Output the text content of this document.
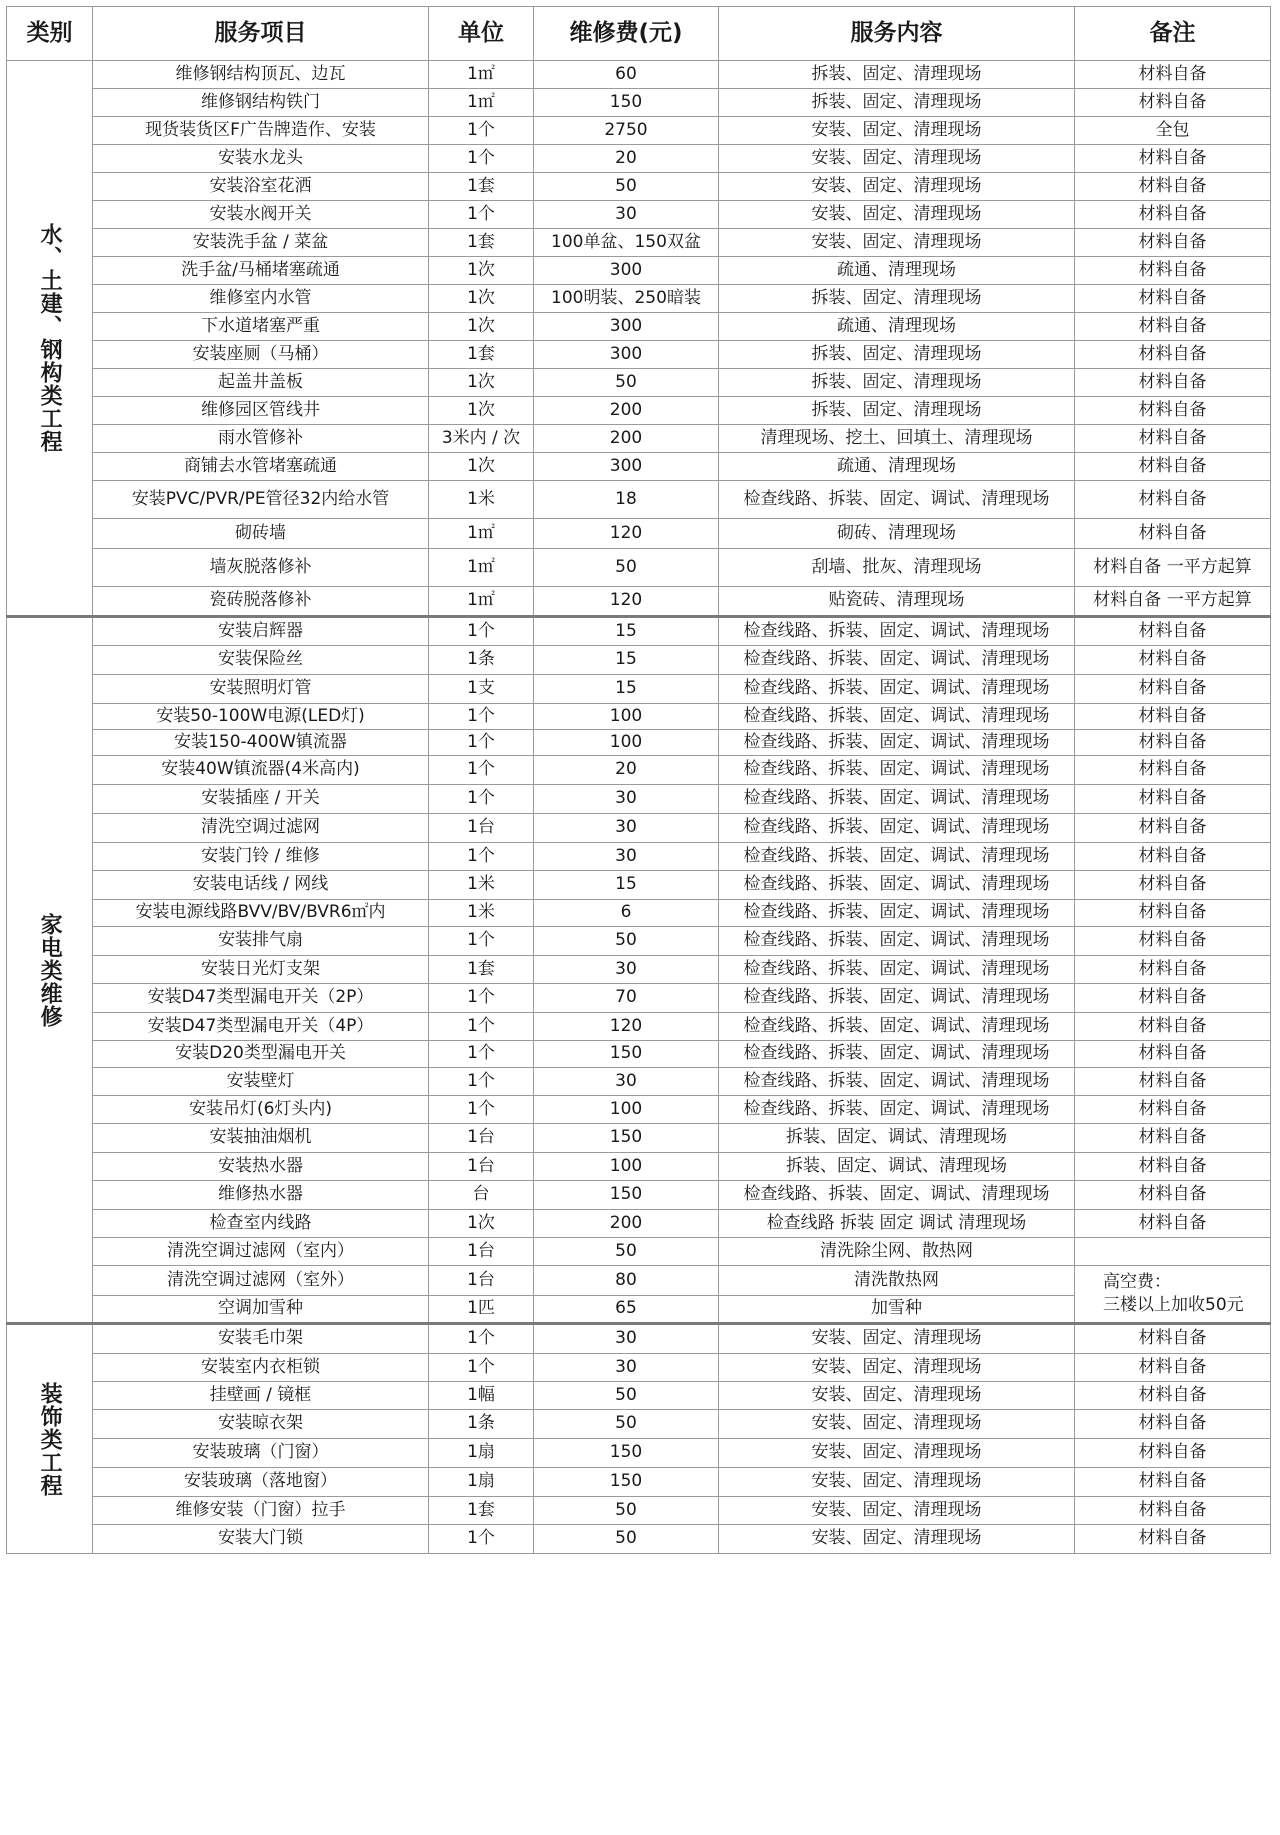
类别	服务项目	单位	维修费(元)	服务内容	备注

水、土建、钢构类工程	维修钢结构顶瓦、边瓦	1㎡	60	拆装、固定、清理现场	材料自备
	维修钢结构铁门	1㎡	150	拆装、固定、清理现场	材料自备
	现货装货区F广告牌造作、安装	1个	2750	安装、固定、清理现场	全包
	安装水龙头	1个	20	安装、固定、清理现场	材料自备
	安装浴室花洒	1套	50	安装、固定、清理现场	材料自备
	安装水阀开关	1个	30	安装、固定、清理现场	材料自备
	安装洗手盆 / 菜盆	1套	100单盆、150双盆	安装、固定、清理现场	材料自备
	洗手盆/马桶堵塞疏通	1次	300	疏通、清理现场	材料自备
	维修室内水管	1次	100明装、250暗装	拆装、固定、清理现场	材料自备
	下水道堵塞严重	1次	300	疏通、清理现场	材料自备
	安装座厕（马桶）	1套	300	拆装、固定、清理现场	材料自备
	起盖井盖板	1次	50	拆装、固定、清理现场	材料自备
	维修园区管线井	1次	200	拆装、固定、清理现场	材料自备
	雨水管修补	3米内 / 次	200	清理现场、挖土、回填土、清理现场	材料自备
	商铺去水管堵塞疏通	1次	300	疏通、清理现场	材料自备
	安装PVC/PVR/PE管径32内给水管	1米	18	检查线路、拆装、固定、调试、清理现场	材料自备
	砌砖墙	1㎡	120	砌砖、清理现场	材料自备
	墙灰脱落修补	1㎡	50	刮墙、批灰、清理现场	材料自备 一平方起算
	瓷砖脱落修补	1㎡	120	贴瓷砖、清理现场	材料自备 一平方起算

家电类维修	安装启辉器	1个	15	检查线路、拆装、固定、调试、清理现场	材料自备
	安装保险丝	1条	15	检查线路、拆装、固定、调试、清理现场	材料自备
	安装照明灯管	1支	15	检查线路、拆装、固定、调试、清理现场	材料自备
	安装50-100W电源(LED灯)	1个	100	检查线路、拆装、固定、调试、清理现场	材料自备
	安装150-400W镇流器	1个	100	检查线路、拆装、固定、调试、清理现场	材料自备
	安装40W镇流器(4米高内)	1个	20	检查线路、拆装、固定、调试、清理现场	材料自备
	安装插座 / 开关	1个	30	检查线路、拆装、固定、调试、清理现场	材料自备
	清洗空调过滤网	1台	30	检查线路、拆装、固定、调试、清理现场	材料自备
	安装门铃 / 维修	1个	30	检查线路、拆装、固定、调试、清理现场	材料自备
	安装电话线 / 网线	1米	15	检查线路、拆装、固定、调试、清理现场	材料自备
	安装电源线路BVV/BV/BVR6㎡内	1米	6	检查线路、拆装、固定、调试、清理现场	材料自备
	安装排气扇	1个	50	检查线路、拆装、固定、调试、清理现场	材料自备
	安装日光灯支架	1套	30	检查线路、拆装、固定、调试、清理现场	材料自备
	安装D47类型漏电开关（2P）	1个	70	检查线路、拆装、固定、调试、清理现场	材料自备
	安装D47类型漏电开关（4P）	1个	120	检查线路、拆装、固定、调试、清理现场	材料自备
	安装D20类型漏电开关	1个	150	检查线路、拆装、固定、调试、清理现场	材料自备
	安装壁灯	1个	30	检查线路、拆装、固定、调试、清理现场	材料自备
	安装吊灯(6灯头内)	1个	100	检查线路、拆装、固定、调试、清理现场	材料自备
	安装抽油烟机	1台	150	拆装、固定、调试、清理现场	材料自备
	安装热水器	1台	100	拆装、固定、调试、清理现场	材料自备
	维修热水器	台	150	检查线路、拆装、固定、调试、清理现场	材料自备
	检查室内线路	1次	200	检查线路 拆装 固定 调试 清理现场	材料自备
	清洗空调过滤网（室内）	1台	50	清洗除尘网、散热网	
	清洗空调过滤网（室外）	1台	80	清洗散热网	高空费：
三楼以上加收50元

	空调加雪种	1匹	65	加雪种	

装饰类工程	安装毛巾架	1个	30	安装、固定、清理现场	材料自备
	安装室内衣柜锁	1个	30	安装、固定、清理现场	材料自备
	挂壁画 / 镜框	1幅	50	安装、固定、清理现场	材料自备
	安装晾衣架	1条	50	安装、固定、清理现场	材料自备
	安装玻璃（门窗）	1扇	150	安装、固定、清理现场	材料自备
	安装玻璃（落地窗）	1扇	150	安装、固定、清理现场	材料自备
	维修安装（门窗）拉手	1套	50	安装、固定、清理现场	材料自备
	安装大门锁	1个	50	安装、固定、清理现场	材料自备
